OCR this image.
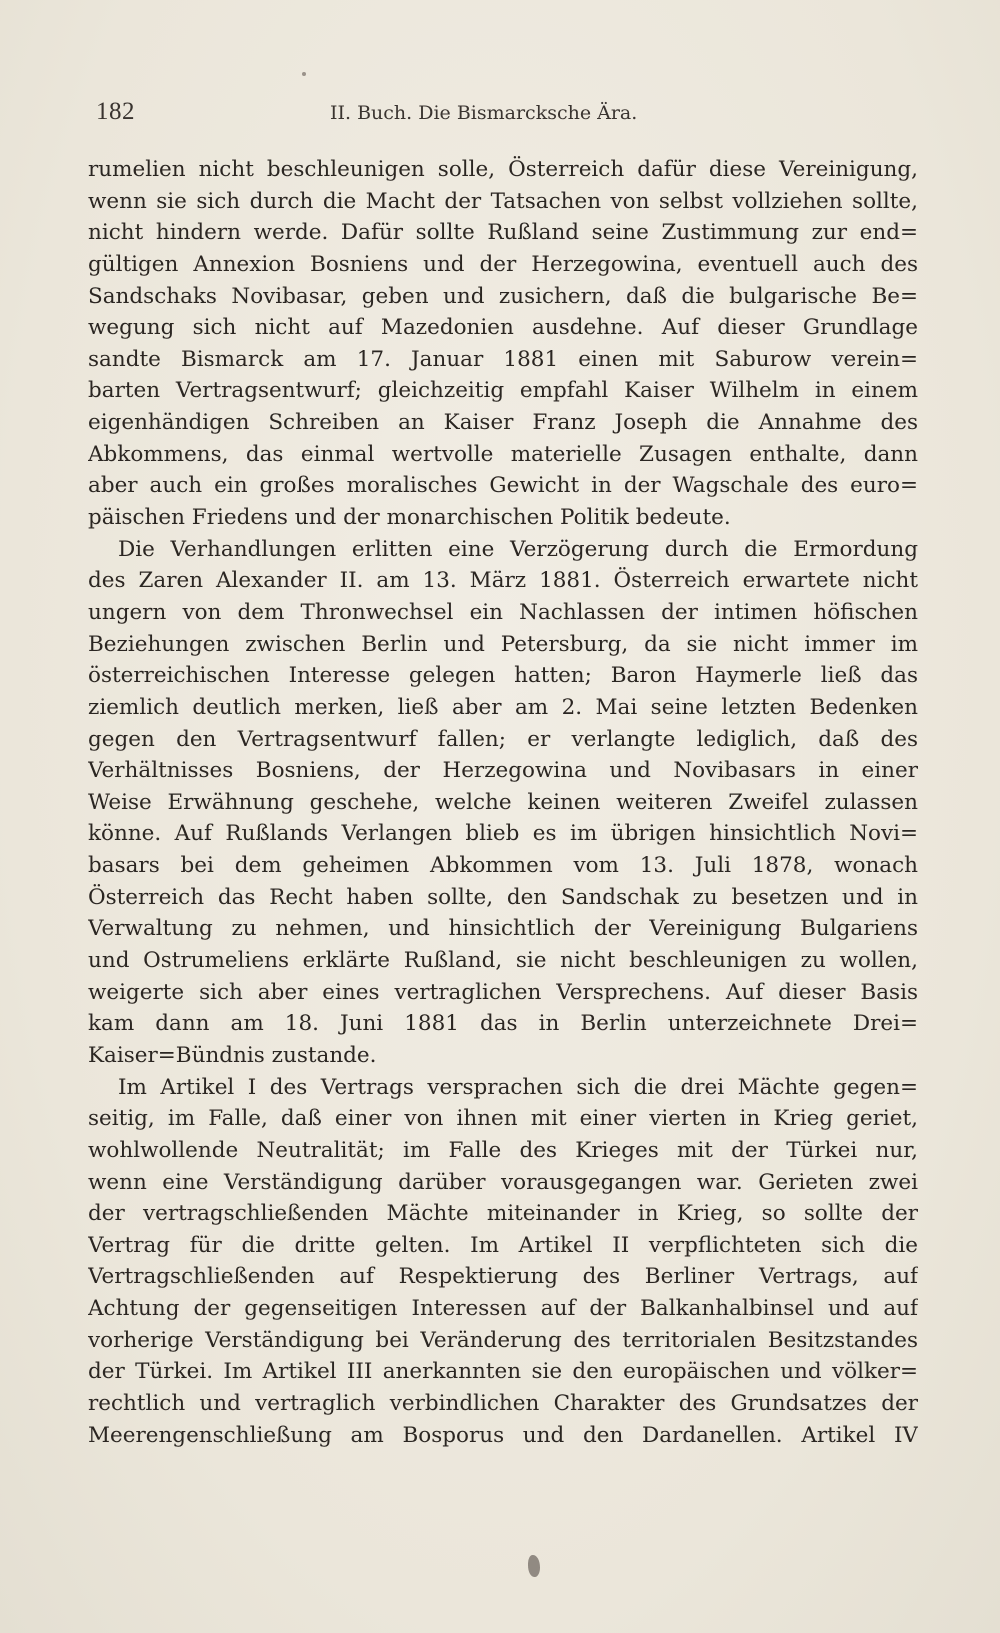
182	II. Buch. Die Bismarcksche Ära.
rumelien nicht beschleunigen solle, Österreich dafür diese Vereinigung,
wenn sie sich durch die Macht der Tatsachen von selbst vollziehen sollte,
nicht hindern werde. Dafür sollte Rußland seine Zustimmung zur end=
gültigen Annexion Bosniens und der Herzegowina, eventuell auch des
Sandschaks Novibasar, geben und zusichern, daß die bulgarische Be=
wegung sich nicht auf Mazedonien ausdehne. Auf dieser Grundlage
sandte Bismarck am 17. Januar 1881 einen mit Saburow verein=
barten Vertragsentwurf; gleichzeitig empfahl Kaiser Wilhelm in einem
eigenhändigen Schreiben an Kaiser Franz Joseph die Annahme des
Abkommens, das einmal wertvolle materielle Zusagen enthalte, dann
aber auch ein großes moralisches Gewicht in der Wagschale des euro=
päischen Friedens und der monarchischen Politik bedeute.
Die Verhandlungen erlitten eine Verzögerung durch die Ermordung
des Zaren Alexander II. am 13. März 1881. Österreich erwartete nicht
ungern von dem Thronwechsel ein Nachlassen der intimen höfischen
Beziehungen zwischen Berlin und Petersburg, da sie nicht immer im
österreichischen Interesse gelegen hatten; Baron Haymerle ließ das
ziemlich deutlich merken, ließ aber am 2. Mai seine letzten Bedenken
gegen den Vertragsentwurf fallen; er verlangte lediglich, daß des
Verhältnisses Bosniens, der Herzegowina und Novibasars in einer
Weise Erwähnung geschehe, welche keinen weiteren Zweifel zulassen
könne. Auf Rußlands Verlangen blieb es im übrigen hinsichtlich Novi=
basars bei dem geheimen Abkommen vom 13. Juli 1878, wonach
Österreich das Recht haben sollte, den Sandschak zu besetzen und in
Verwaltung zu nehmen, und hinsichtlich der Vereinigung Bulgariens
und Ostrumeliens erklärte Rußland, sie nicht beschleunigen zu wollen,
weigerte sich aber eines vertraglichen Versprechens. Auf dieser Basis
kam dann am 18. Juni 1881 das in Berlin unterzeichnete Drei=
Kaiser=Bündnis zustande.
Im Artikel I des Vertrags versprachen sich die drei Mächte gegen=
seitig, im Falle, daß einer von ihnen mit einer vierten in Krieg geriet,
wohlwollende Neutralität; im Falle des Krieges mit der Türkei nur,
wenn eine Verständigung darüber vorausgegangen war. Gerieten zwei
der vertragschließenden Mächte miteinander in Krieg, so sollte der
Vertrag für die dritte gelten. Im Artikel II verpflichteten sich die
Vertragschließenden auf Respektierung des Berliner Vertrags, auf
Achtung der gegenseitigen Interessen auf der Balkanhalbinsel und auf
vorherige Verständigung bei Veränderung des territorialen Besitzstandes
der Türkei. Im Artikel III anerkannten sie den europäischen und völker=
rechtlich und vertraglich verbindlichen Charakter des Grundsatzes der
Meerengenschließung am Bosporus und den Dardanellen. Artikel IV
